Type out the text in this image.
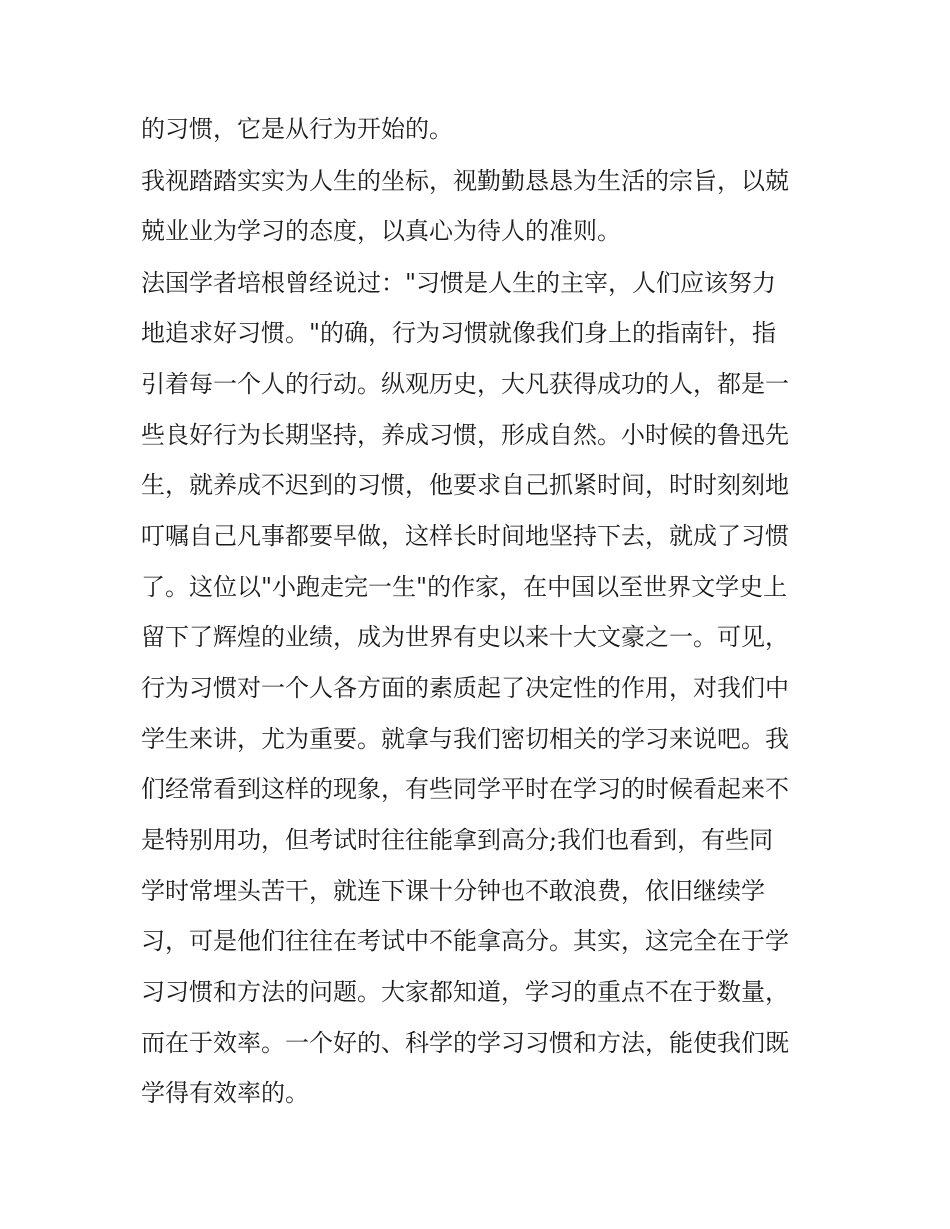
的习惯，它是从行为开始的。

我视踏踏实实为人生的坐标，视勤勤恳恳为生活的宗旨，以兢

兢业业为学习的态度，以真心为待人的准则。

法国学者培根曾经说过："习惯是人生的主宰，人们应该努力

地追求好习惯。"的确，行为习惯就像我们身上的指南针，指

引着每一个人的行动。纵观历史，大凡获得成功的人，都是一

些良好行为长期坚持，养成习惯，形成自然。小时候的鲁迅先

生，就养成不迟到的习惯，他要求自己抓紧时间，时时刻刻地

叮嘱自己凡事都要早做，这样长时间地坚持下去，就成了习惯

了。这位以"小跑走完一生"的作家，在中国以至世界文学史上

留下了辉煌的业绩，成为世界有史以来十大文豪之一。可见，

行为习惯对一个人各方面的素质起了决定性的作用，对我们中

学生来讲，尤为重要。就拿与我们密切相关的学习来说吧。我

们经常看到这样的现象，有些同学平时在学习的时候看起来不

是特别用功，但考试时往往能拿到高分;我们也看到，有些同

学时常埋头苦干，就连下课十分钟也不敢浪费，依旧继续学

习，可是他们往往在考试中不能拿高分。其实，这完全在于学

习习惯和方法的问题。大家都知道，学习的重点不在于数量，

而在于效率。一个好的、科学的学习习惯和方法，能使我们既

学得有效率的。
